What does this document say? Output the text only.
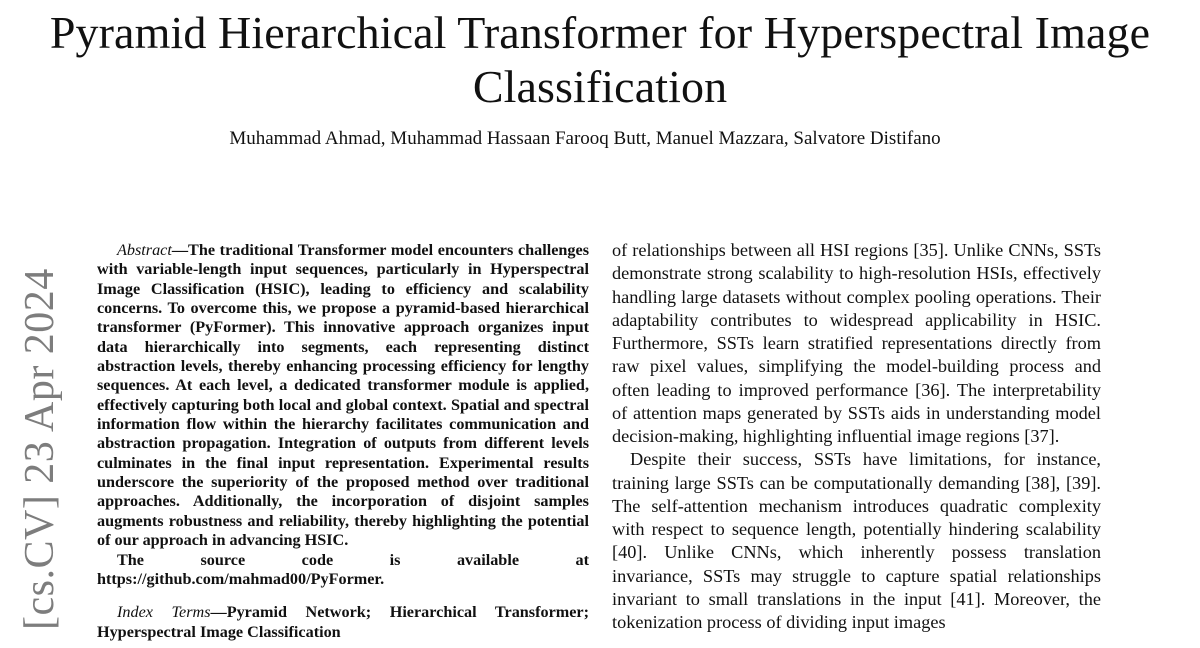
Pyramid Hierarchical Transformer for Hyperspectral Image Classification
Muhammad Ahmad, Muhammad Hassaan Farooq Butt, Manuel Mazzara, Salvatore Distifano
[cs.CV] 23 Apr 2024

Abstract—The traditional Transformer model encounters challenges with variable-length input sequences, particularly in Hyperspectral Image Classification (HSIC), leading to efficiency and scalability concerns. To overcome this, we propose a pyramid-based hierarchical transformer (PyFormer). This innovative approach organizes input data hierarchically into segments, each representing distinct abstraction levels, thereby enhancing processing efficiency for lengthy sequences. At each level, a dedicated transformer module is applied, effectively capturing both local and global context. Spatial and spectral information flow within the hierarchy facilitates communication and abstraction propagation. Integration of outputs from different levels culminates in the final input representation. Experimental results underscore the superiority of the proposed method over traditional approaches. Additionally, the incorporation of disjoint samples augments robustness and reliability, thereby highlighting the potential of our approach in advancing HSIC.

The source code is available at

https://github.com/mahmad00/PyFormer.

Index Terms—Pyramid Network; Hierarchical Transformer; Hyperspectral Image Classification

of relationships between all HSI regions [35]. Unlike CNNs, SSTs demonstrate strong scalability to high-resolution HSIs, effectively handling large datasets without complex pooling operations. Their adaptability contributes to widespread applicability in HSIC. Furthermore, SSTs learn stratified representations directly from raw pixel values, simplifying the model-building process and often leading to improved performance [36]. The interpretability of attention maps generated by SSTs aids in understanding model decision-making, highlighting influential image regions [37].

Despite their success, SSTs have limitations, for instance, training large SSTs can be computationally demanding [38], [39]. The self-attention mechanism introduces quadratic complexity with respect to sequence length, potentially hindering scalability [40]. Unlike CNNs, which inherently possess translation invariance, SSTs may struggle to capture spatial relationships invariant to small translations in the input [41]. Moreover, the tokenization process of dividing input images
